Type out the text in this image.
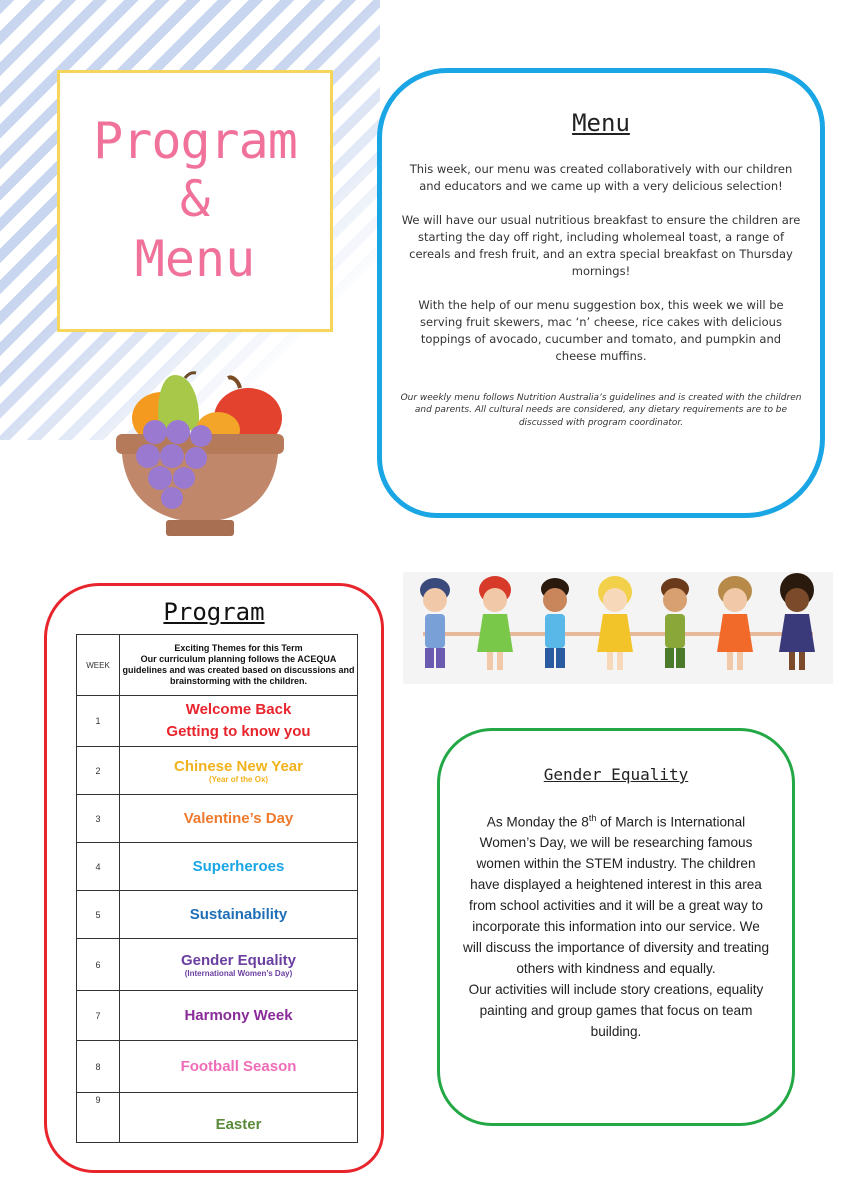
Program
&
Menu
Menu

This week, our menu was created collaboratively with our children and educators and we came up with a very delicious selection!

We will have our usual nutritious breakfast to ensure the children are starting the day off right, including wholemeal toast, a range of cereals and fresh fruit, and an extra special breakfast on Thursday mornings!

With the help of our menu suggestion box, this week we will be serving fruit skewers, mac ‘n’ cheese, rice cakes with delicious toppings of avocado, cucumber and tomato, and pumpkin and cheese muffins.

Our weekly menu follows Nutrition Australia’s guidelines and is created with the children and parents. All cultural needs are considered, any dietary requirements are to be discussed with program coordinator.

Program
WEEK	Exciting Themes for this Term
Our curriculum planning follows the ACEQUA guidelines and was created based on discussions and brainstorming with the children.

1	Welcome Back
Getting to know you

2	Chinese New Year
(Year of the Ox)

3	Valentine’s Day
4	Superheroes
5	Sustainability
6	Gender Equality
(International Women’s Day)

7	Harmony Week
8	Football Season
9	Easter
Gender Equality

As Monday the 8th of March is International Women’s Day, we will be researching famous women within the STEM industry. The children have displayed a heightened interest in this area from school activities and it will be a great way to incorporate this information into our service. We will discuss the importance of diversity and treating others with kindness and equally.

Our activities will include story creations, equality painting and group games that focus on team building.
